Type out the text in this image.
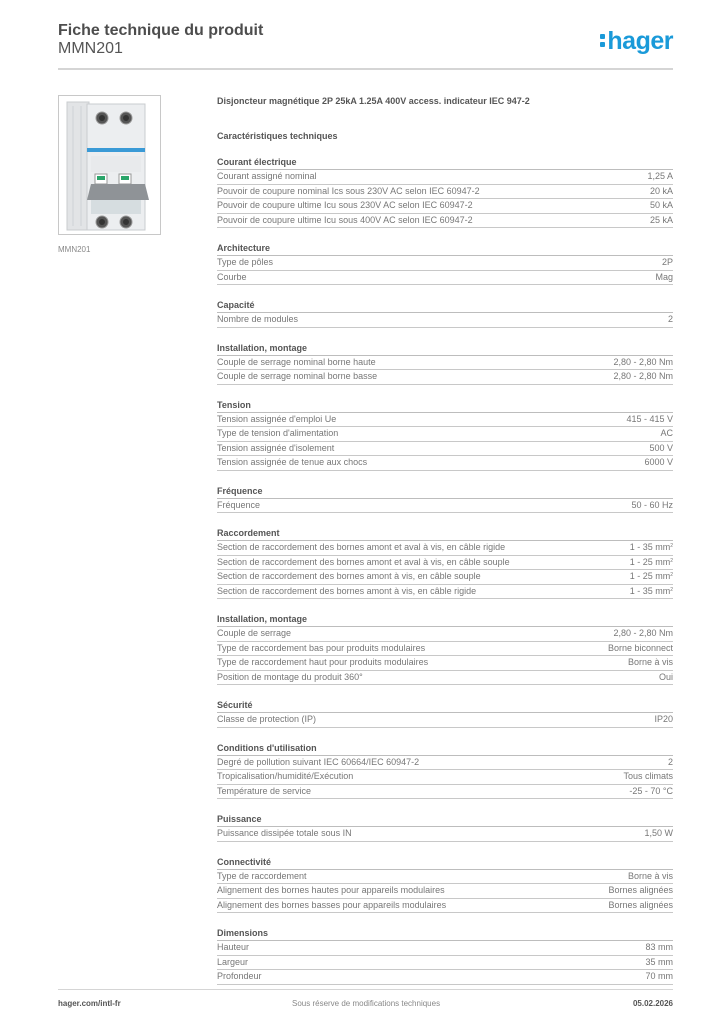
Fiche technique du produit
MMN201	hager
MMN201
Disjoncteur magnétique 2P 25kA 1.25A 400V access. indicateur IEC 947-2
Caractéristiques techniques
Courant électrique
Courant assigné nominal	1,25 A
Pouvoir de coupure nominal Ics sous 230V AC selon IEC 60947-2	20 kA
Pouvoir de coupure ultime Icu sous 230V AC selon IEC 60947-2	50 kA
Pouvoir de coupure ultime Icu sous 400V AC selon IEC 60947-2	25 kA
Architecture
Type de pôles	2P
Courbe	Mag
Capacité
Nombre de modules	2
Installation, montage
Couple de serrage nominal borne haute	2,80 - 2,80 Nm
Couple de serrage nominal borne basse	2,80 - 2,80 Nm
Tension
Tension assignée d'emploi Ue	415 - 415 V
Type de tension d'alimentation	AC
Tension assignée d'isolement	500 V
Tension assignée de tenue aux chocs	6000 V
Fréquence
Fréquence	50 - 60 Hz
Raccordement
Section de raccordement des bornes amont et aval à vis, en câble rigide	1 - 35 $mm^2$
Section de raccordement des bornes amont et aval à vis, en câble souple	1 - 25 $mm^2$
Section de raccordement des bornes amont à vis, en câble souple	1 - 25 $mm^2$
Section de raccordement des bornes amont à vis, en câble rigide	1 - 35 $mm^2$
Installation, montage
Couple de serrage	2,80 - 2,80 Nm
Type de raccordement bas pour produits modulaires	Borne biconnect
Type de raccordement haut pour produits modulaires	Borne à vis
Position de montage du produit 360°	Oui
Sécurité
Classe de protection (IP)	IP20
Conditions d'utilisation
Degré de pollution suivant IEC 60664/IEC 60947-2	2
Tropicalisation/humidité/Exécution	Tous climats
Température de service	-25 - 70 °C
Puissance
Puissance dissipée totale sous IN	1,50 W
Connectivité
Type de raccordement	Borne à vis
Alignement des bornes hautes pour appareils modulaires	Bornes alignées
Alignement des bornes basses pour appareils modulaires	Bornes alignées
Dimensions
Hauteur	83 mm
Largeur	35 mm
Profondeur	70 mm
hager.com/intl-fr	Sous réserve de modifications techniques	05.02.2026
